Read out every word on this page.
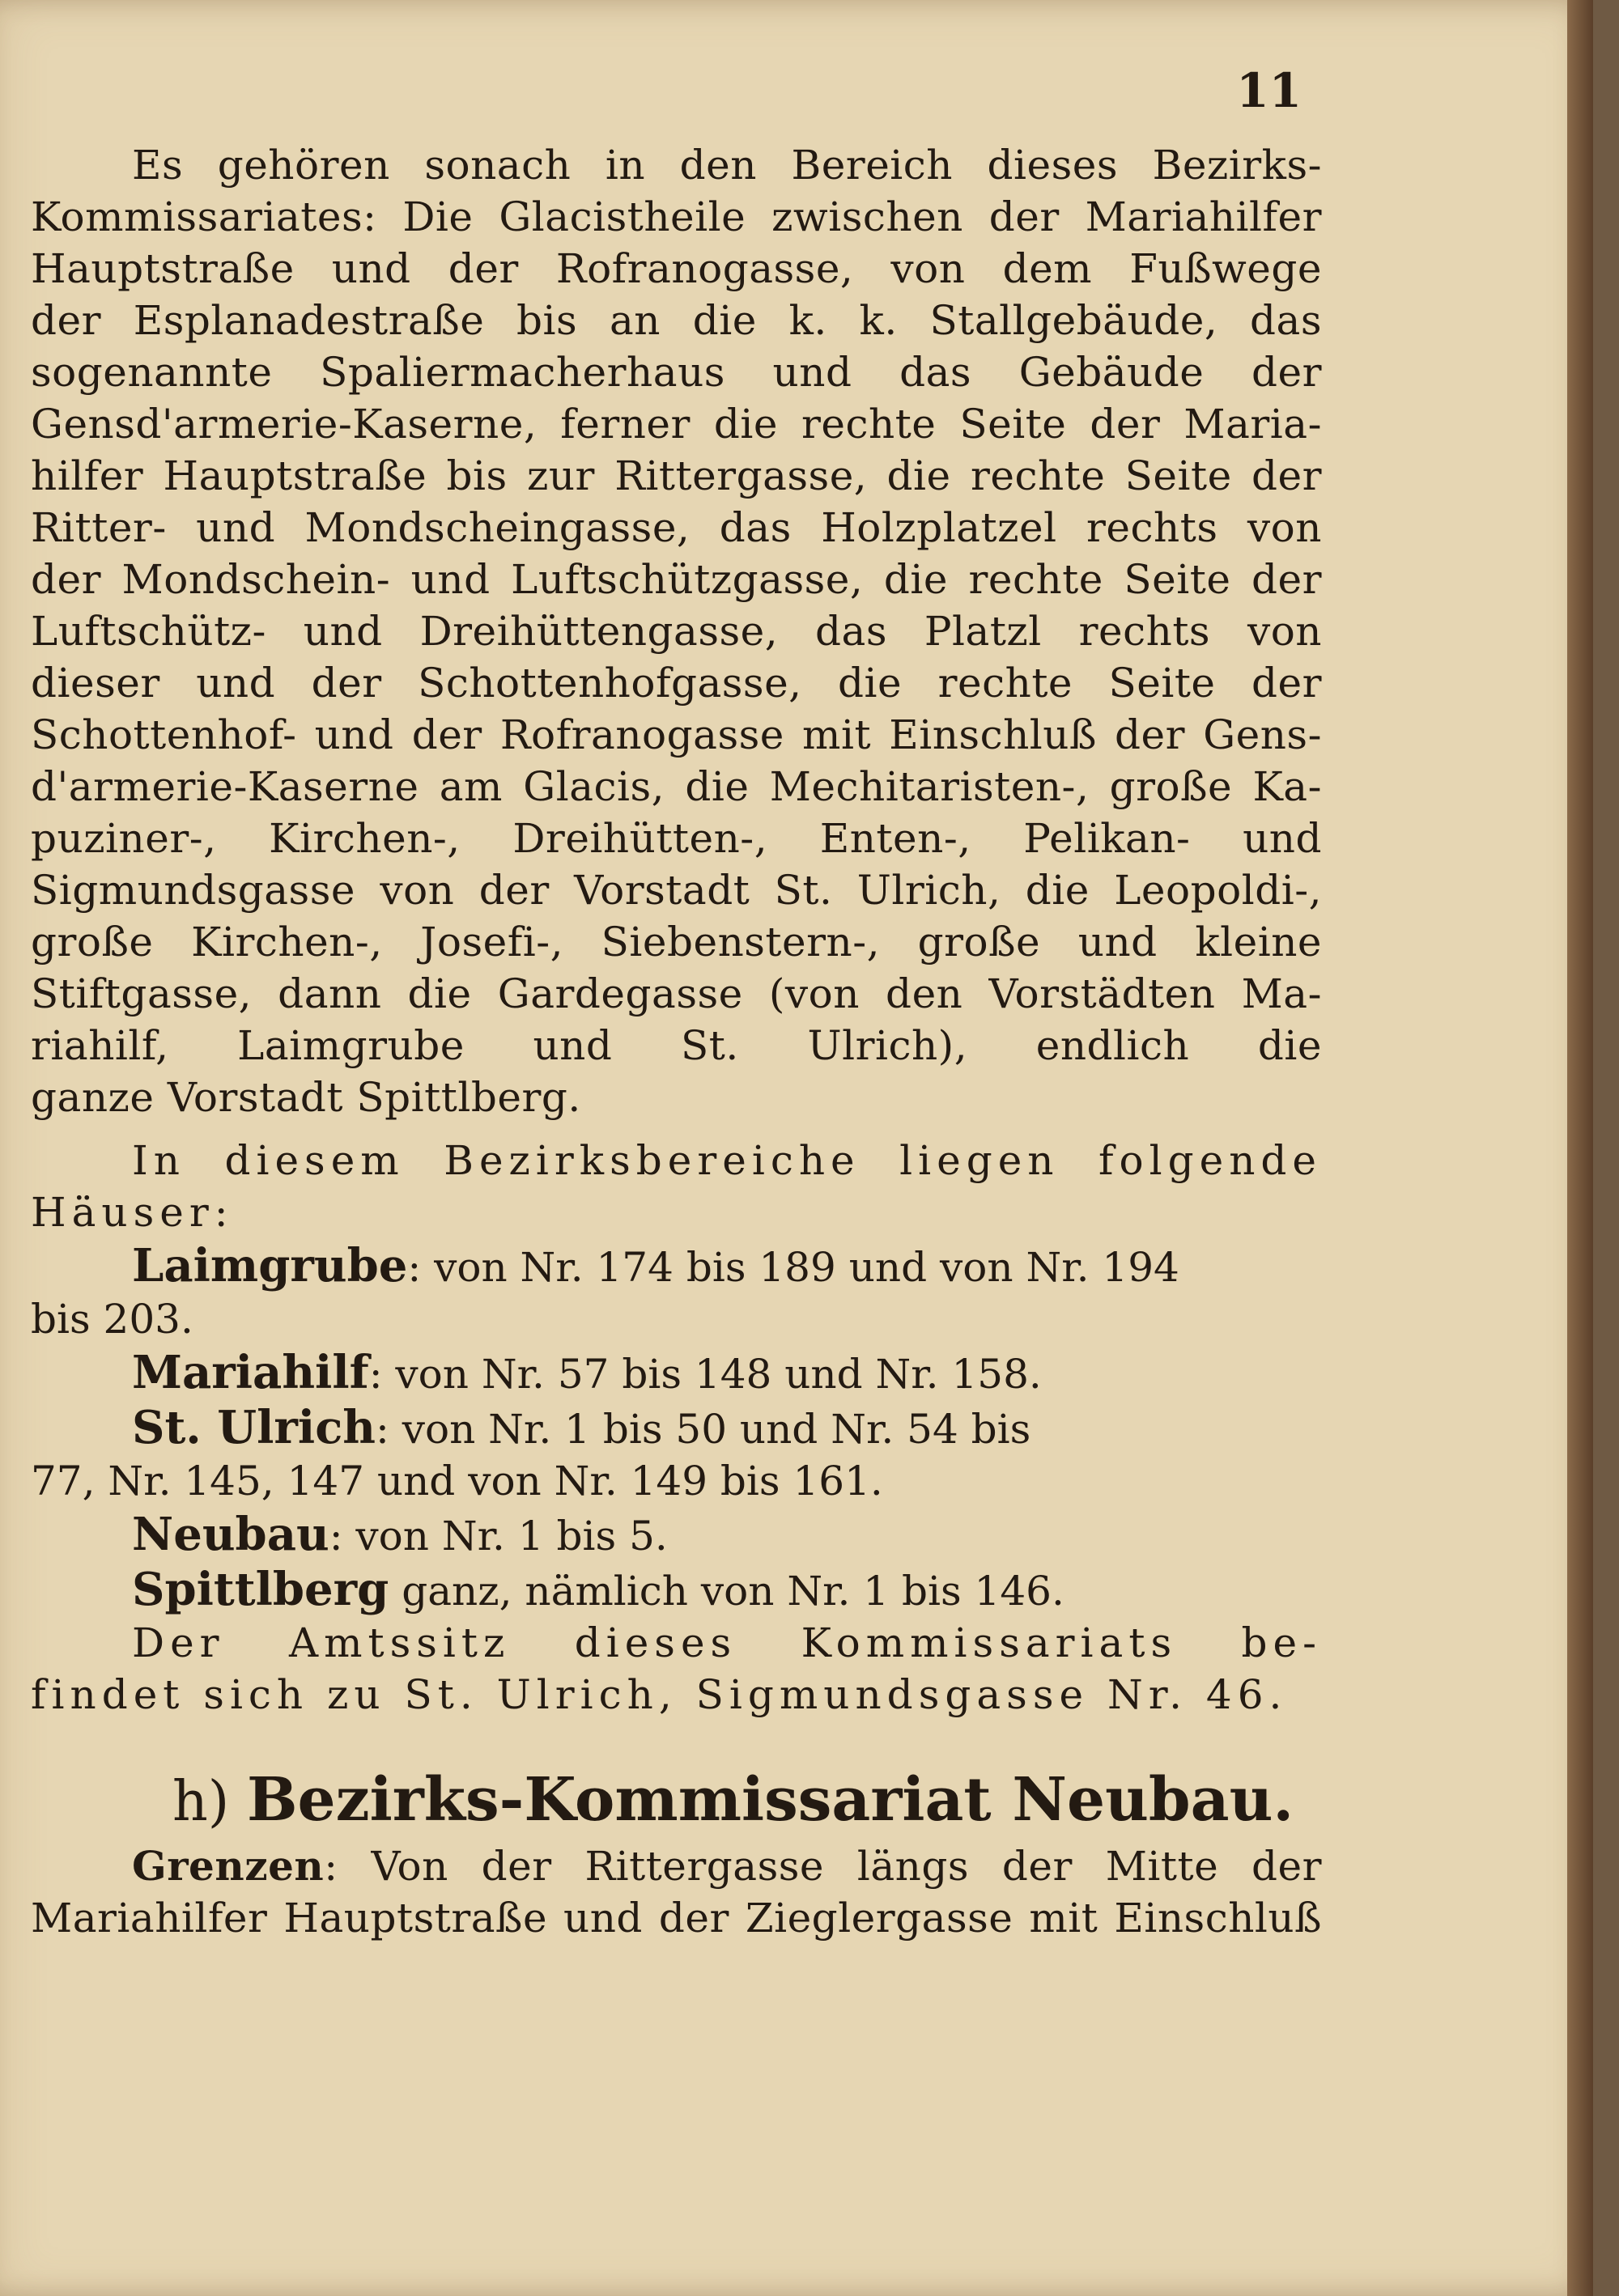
11
Es gehören sonach in den Bereich dieses Bezirks-
Kommissariates: Die Glacistheile zwischen der Mariahilfer
Hauptstraße und der Rofranogasse, von dem Fußwege
der Esplanadestraße bis an die k. k. Stallgebäude, das
sogenannte Spaliermacherhaus und das Gebäude der
Gensd'armerie-Kaserne, ferner die rechte Seite der Maria-
hilfer Hauptstraße bis zur Rittergasse, die rechte Seite der
Ritter- und Mondscheingasse, das Holzplatzel rechts von
der Mondschein- und Luftschützgasse, die rechte Seite der
Luftschütz- und Dreihüttengasse, das Platzl rechts von
dieser und der Schottenhofgasse, die rechte Seite der
Schottenhof- und der Rofranogasse mit Einschluß der Gens-
d'armerie-Kaserne am Glacis, die Mechitaristen-, große Ka-
puziner-, Kirchen-, Dreihütten-, Enten-, Pelikan- und
Sigmundsgasse von der Vorstadt St. Ulrich, die Leopoldi-,
große Kirchen-, Josefi-, Siebenstern-, große und kleine
Stiftgasse, dann die Gardegasse (von den Vorstädten Ma-
riahilf, Laimgrube und St. Ulrich), endlich die
ganze Vorstadt Spittlberg.
In diesem Bezirksbereiche liegen folgende
Häuser:
Laimgrube: von Nr. 174 bis 189 und von Nr. 194
bis 203.
Mariahilf: von Nr. 57 bis 148 und Nr. 158.
St. Ulrich: von Nr. 1 bis 50 und Nr. 54 bis
77, Nr. 145, 147 und von Nr. 149 bis 161.
Neubau: von Nr. 1 bis 5.
Spittlberg ganz, nämlich von Nr. 1 bis 146.
Der Amtssitz dieses Kommissariats be-
findet sich zu St. Ulrich, Sigmundsgasse Nr. 46.
h) Bezirks-Kommissariat Neubau.
Grenzen: Von der Rittergasse längs der Mitte der
Mariahilfer Hauptstraße und der Zieglergasse mit Einschluß
